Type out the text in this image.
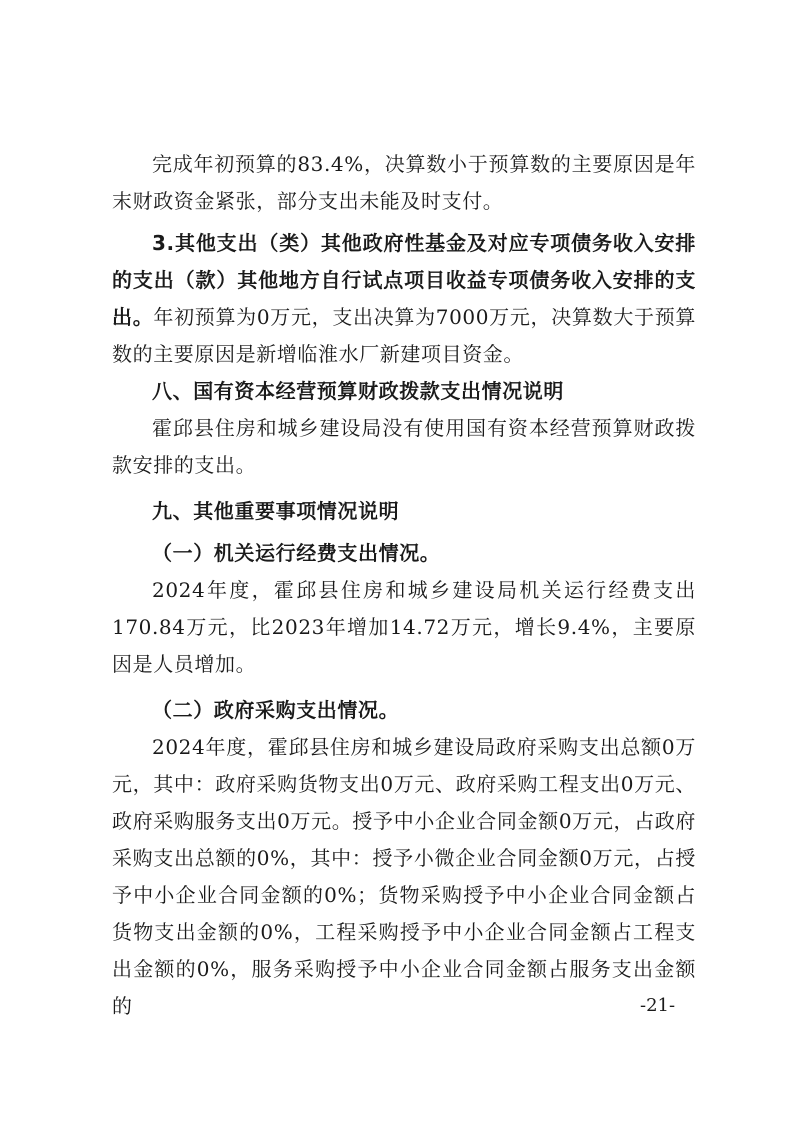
完成年初预算的83.4%，决算数小于预算数的主要原因是年末财政资金紧张，部分支出未能及时支付。

3.其他支出（类）其他政府性基金及对应专项债务收入安排的支出（款）其他地方自行试点项目收益专项债务收入安排的支出。年初预算为0万元，支出决算为7000万元，决算数大于预算数的主要原因是新增临淮水厂新建项目资金。

八、国有资本经营预算财政拨款支出情况说明

霍邱县住房和城乡建设局没有使用国有资本经营预算财政拨款安排的支出。

九、其他重要事项情况说明

（一）机关运行经费支出情况。

2024年度，霍邱县住房和城乡建设局机关运行经费支出170.84万元，比2023年增加14.72万元，增长9.4%，主要原因是人员增加。

（二）政府采购支出情况。

2024年度，霍邱县住房和城乡建设局政府采购支出总额0万元，其中：政府采购货物支出0万元、政府采购工程支出0万元、政府采购服务支出0万元。授予中小企业合同金额0万元，占政府采购支出总额的0%，其中：授予小微企业合同金额0万元，占授予中小企业合同金额的0%；货物采购授予中小企业合同金额占货物支出金额的0%，工程采购授予中小企业合同金额占工程支出金额的0%，服务采购授予中小企业合同金额占服务支出金额的	-21-
